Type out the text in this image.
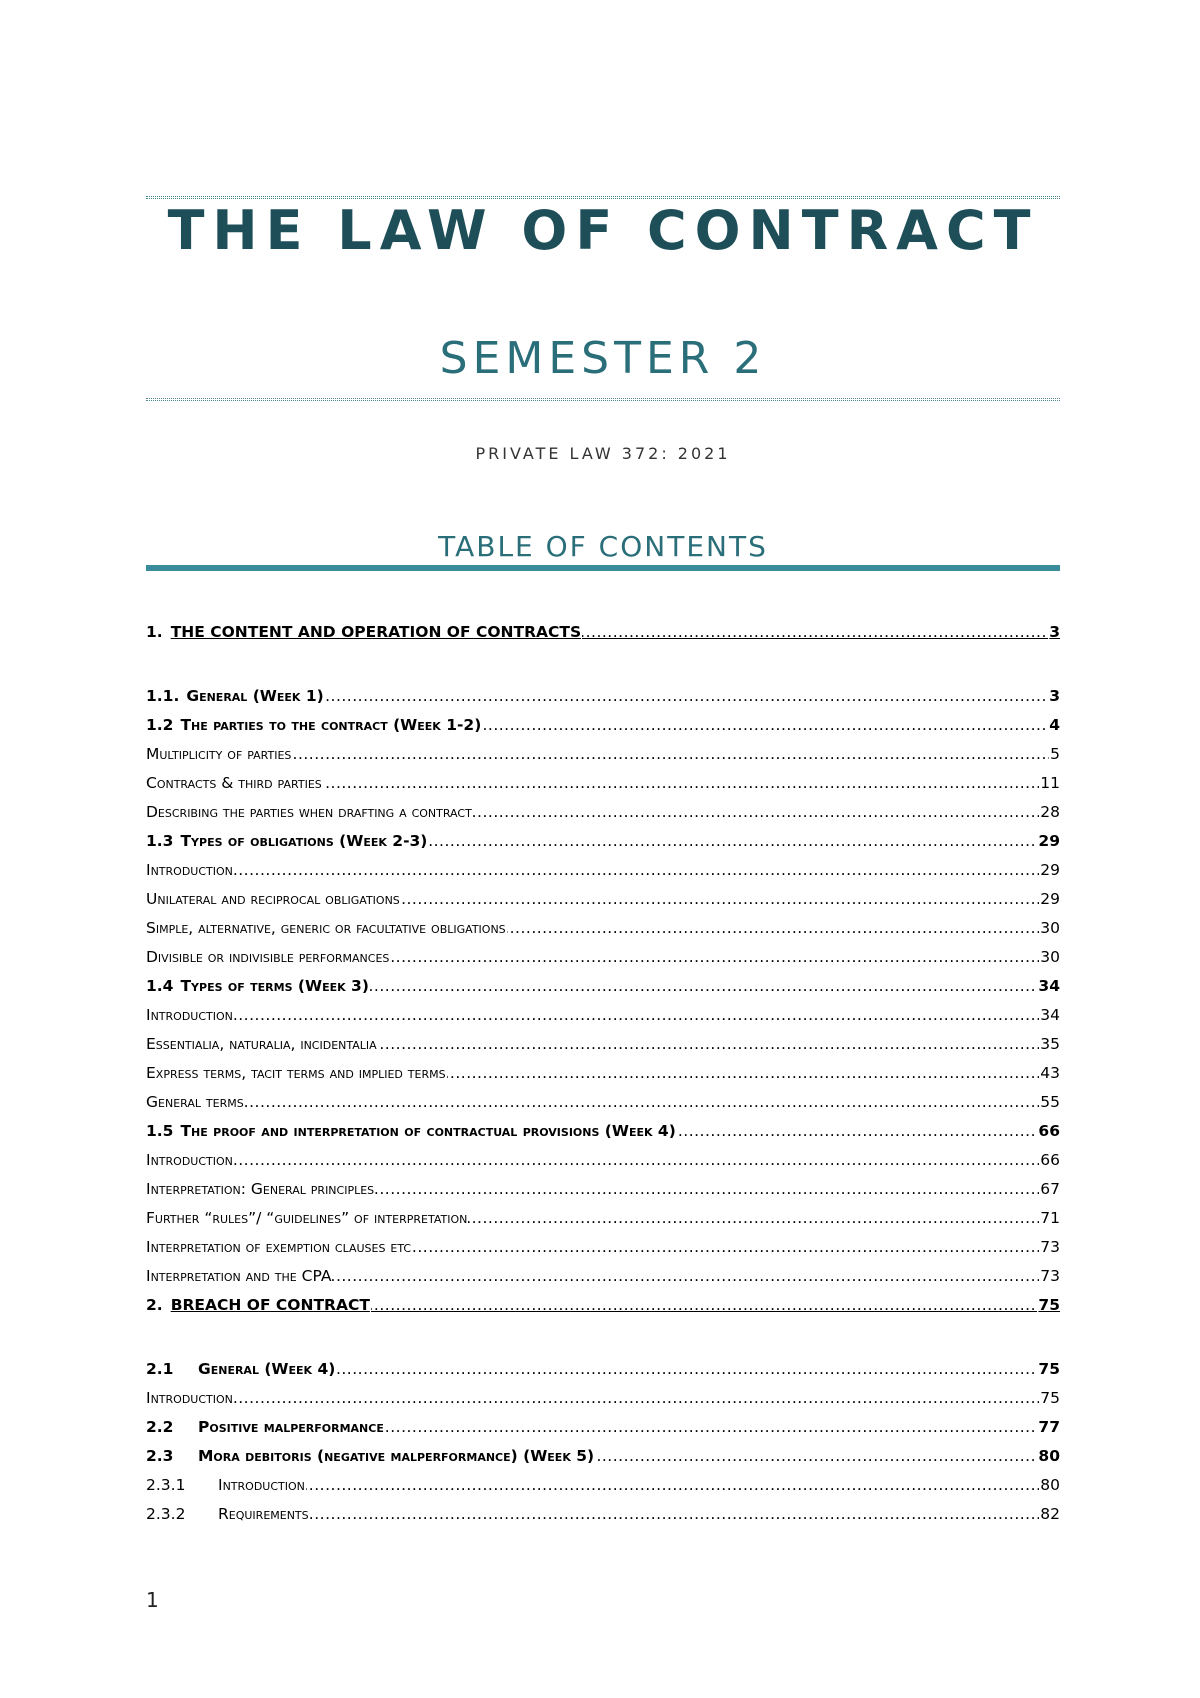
THE LAW OF CONTRACT
SEMESTER 2
PRIVATE LAW 372: 2021
TABLE OF CONTENTS
.....
1. THE CONTENT AND OPERATION OF CONTRACTS	3
.....
1.1. General (Week 1)	3
.....
1.2 The parties to the contract (Week 1-2)	4
.....
Multiplicity of parties	5
.....
Contracts & third parties	11
.....
Describing the parties when drafting a contract	28
.....
1.3 Types of obligations (Week 2-3)	29
.....
Introduction	29
.....
Unilateral and reciprocal obligations	29
.....
Simple, alternative, generic or facultative obligations	30
.....
Divisible or indivisible performances	30
.....
1.4 Types of terms (Week 3)	34
.....
Introduction	34
.....
Essentialia, naturalia, incidentalia	35
.....
Express terms, tacit terms and implied terms	43
.....
General terms	55
.....
1.5 The proof and interpretation of contractual provisions (Week 4)	66
.....
Introduction	66
.....
Interpretation: General principles	67
.....
Further “rules”/ “guidelines” of interpretation	71
.....
Interpretation of exemption clauses etc	73
.....
Interpretation and the CPA	73
.....
2. BREACH OF CONTRACT	75
.....
2.1 General (Week 4)	75
.....
Introduction	75
.....
2.2 Positive malperformance	77
.....
2.3 Mora debitoris (negative malperformance) (Week 5)	80
.....
2.3.1 Introduction	80
.....
2.3.2 Requirements	82
1
